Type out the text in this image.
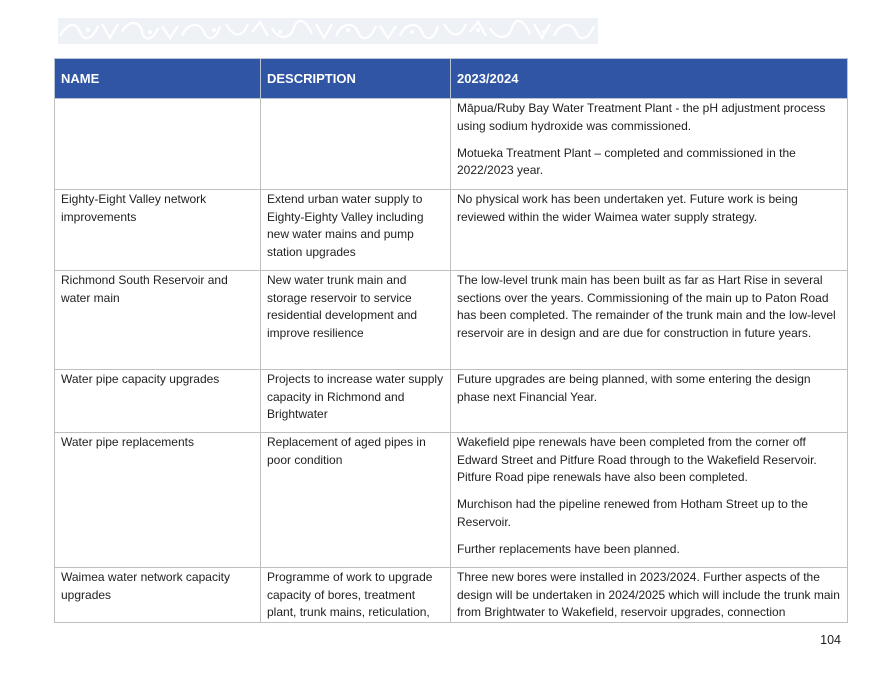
NAME	DESCRIPTION	2023/2024

		Māpua/Ruby Bay Water Treatment Plant - the pH adjustment process using sodium hydroxide was commissioned.

Motueka Treatment Plant – completed and commissioned in the 2022/2023 year.

Eighty-Eight Valley network improvements	Extend urban water supply to Eighty-Eighty Valley including new water mains and pump station upgrades	No physical work has been undertaken yet. Future work is being reviewed within the wider Waimea water supply strategy.

Richmond South Reservoir and water main	New water trunk main and storage reservoir to service residential development and improve resilience	The low-level trunk main has been built as far as Hart Rise in several sections over the years. Commissioning of the main up to Paton Road has been completed. The remainder of the trunk main and the low-level reservoir are in design and are due for construction in future years.

Water pipe capacity upgrades	Projects to increase water supply capacity in Richmond and Brightwater	Future upgrades are being planned, with some entering the design phase next Financial Year.

Water pipe replacements	Replacement of aged pipes in poor condition	Wakefield pipe renewals have been completed from the corner off Edward Street and Pitfure Road through to the Wakefield Reservoir. Pitfure Road pipe renewals have also been completed.

Murchison had the pipeline renewed from Hotham Street up to the Reservoir.

Further replacements have been planned.

Waimea water network capacity upgrades	Programme of work to upgrade capacity of bores, treatment plant, trunk mains, reticulation,	Three new bores were installed in 2023/2024. Further aspects of the design will be undertaken in 2024/2025 which will include the trunk main from Brightwater to Wakefield, reservoir upgrades, connection

104
